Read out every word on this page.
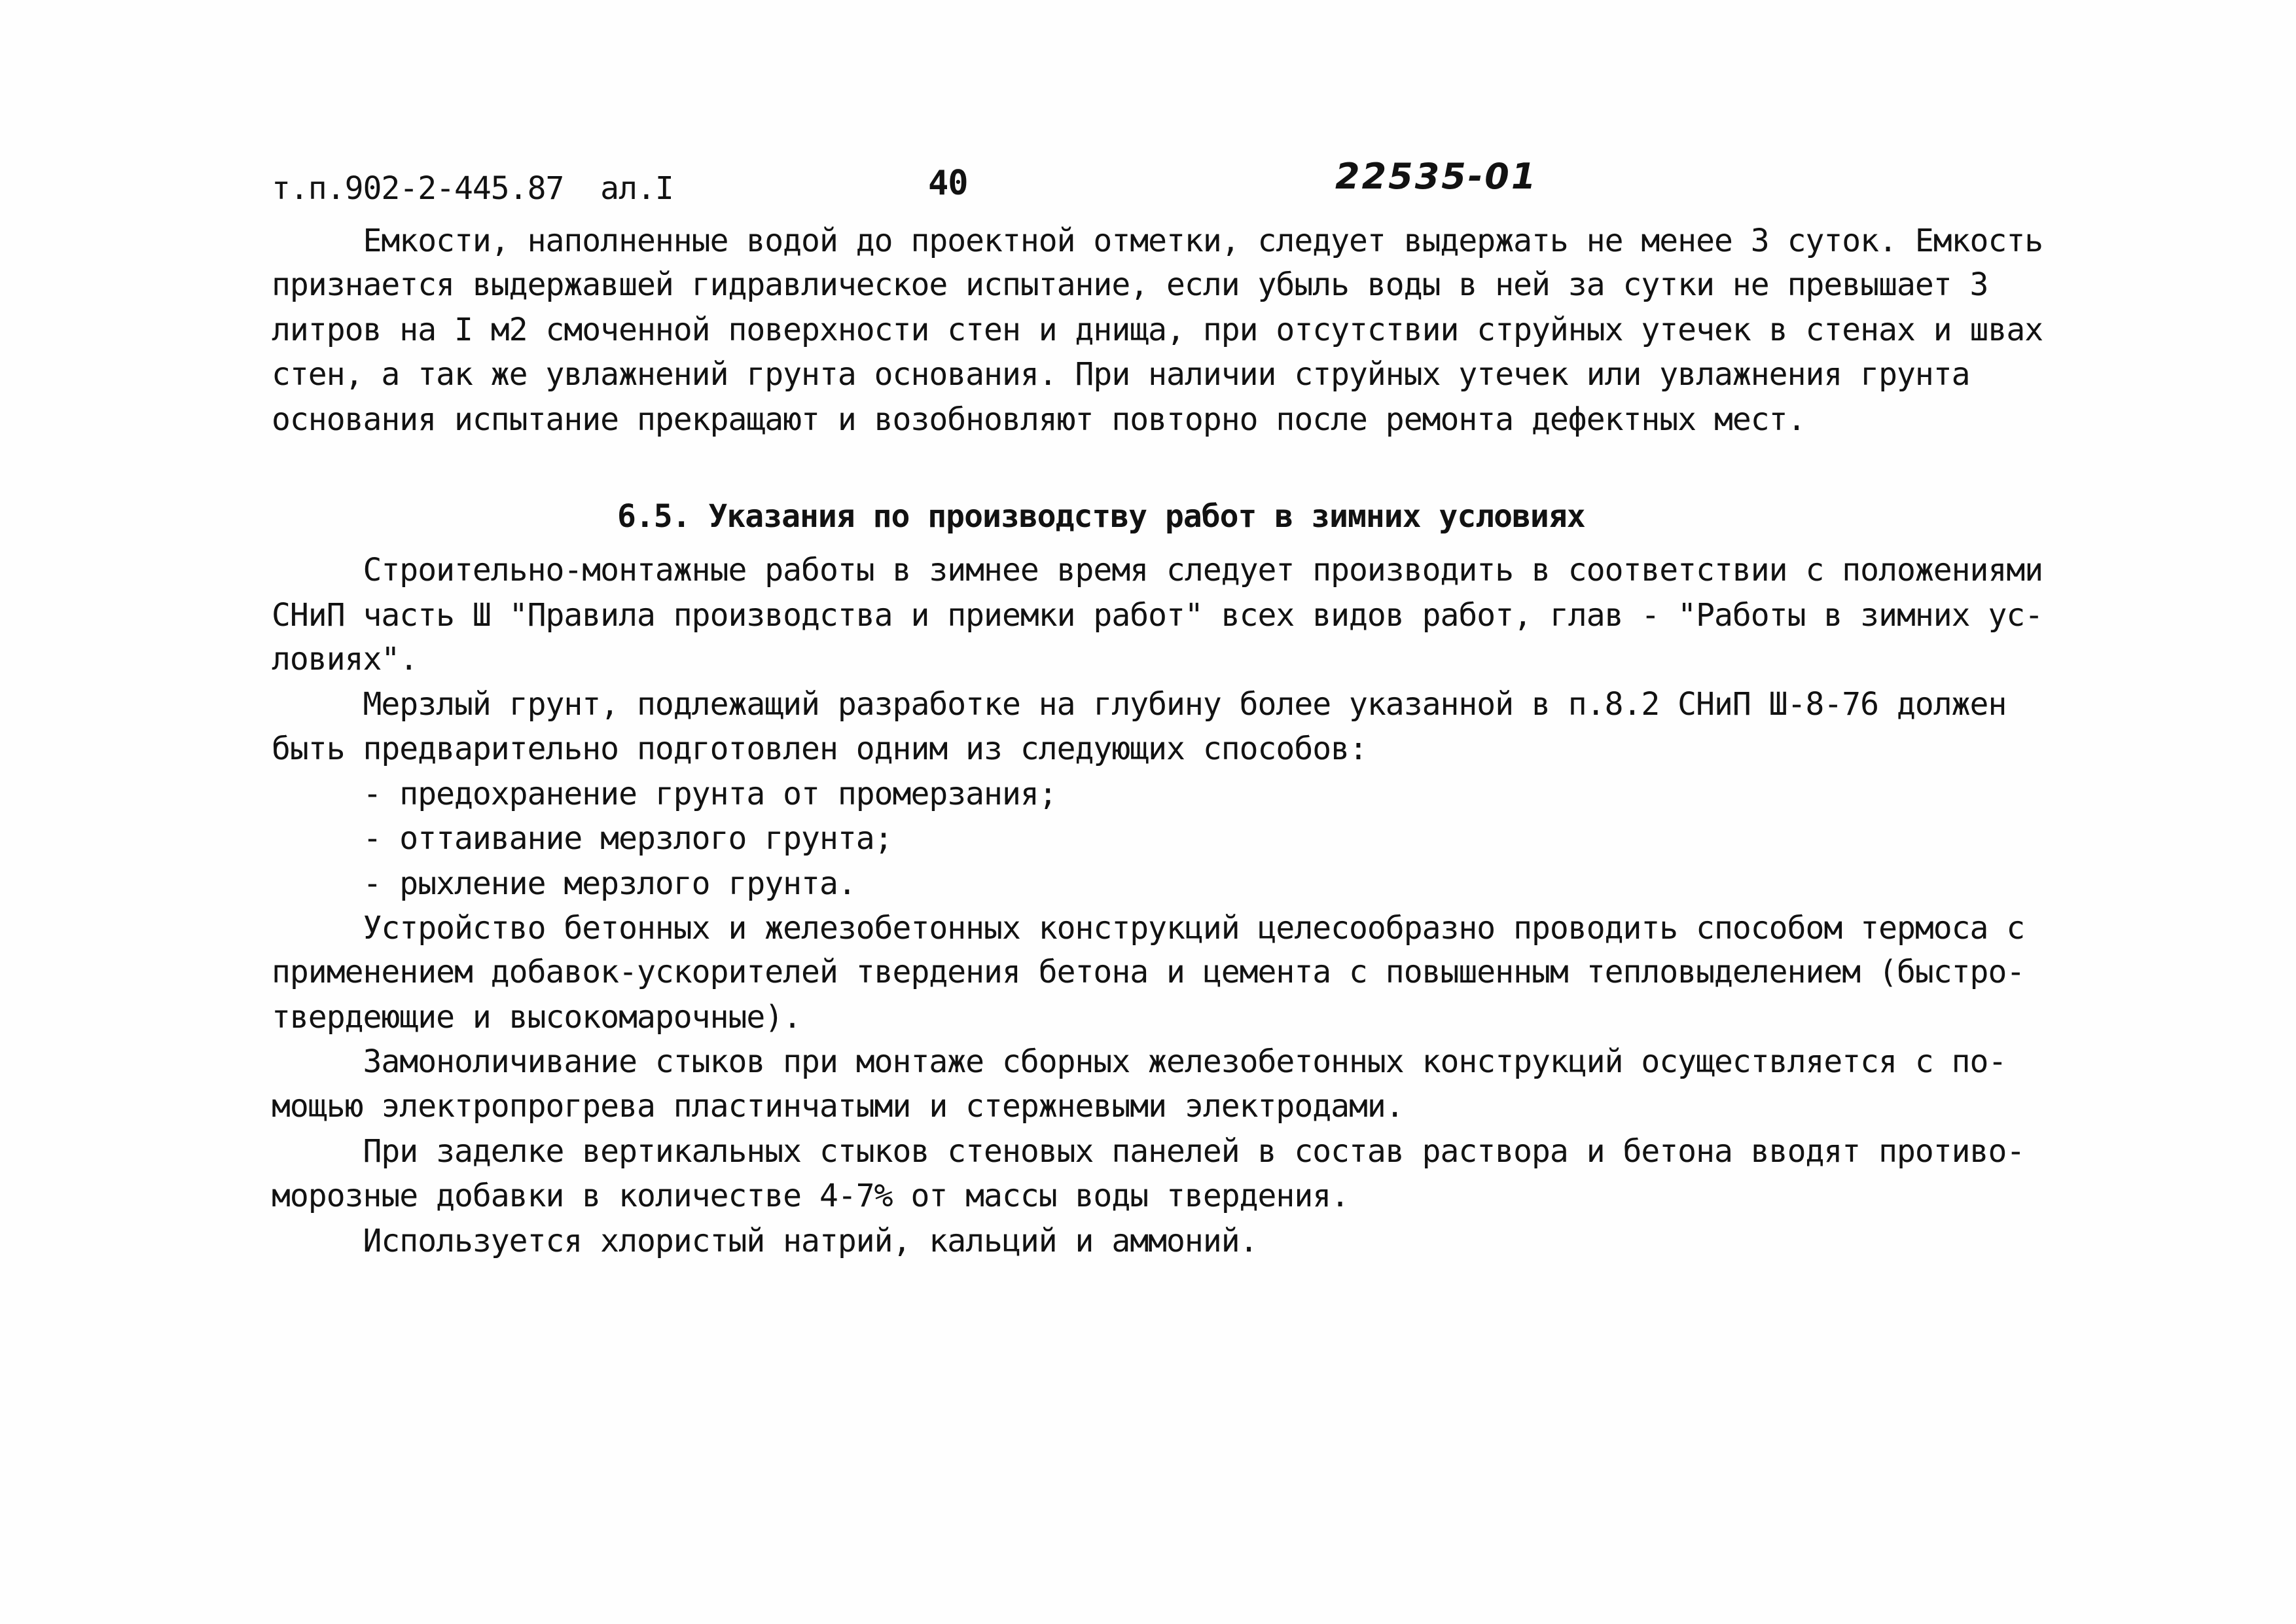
т.п.902-2-445.87  ал.I	40	22535-01
Емкости, наполненные водой до проектной отметки, следует выдержать не менее 3 суток. Емкость
признается выдержавшей гидравлическое испытание, если убыль воды в ней за сутки не превышает 3
литров на I м2 смоченной поверхности стен и днища, при отсутствии струйных утечек в стенах и швах
стен, а так же увлажнений грунта основания. При наличии струйных утечек или увлажнения грунта
основания испытание прекращают и возобновляют повторно после ремонта дефектных мест.
6.5. Указания по производству работ в зимних условиях
Строительно-монтажные работы в зимнее время следует производить в соответствии с положениями
СНиП часть Ш "Правила производства и приемки работ" всех видов работ, глав - "Работы в зимних ус-
ловиях".
Мерзлый грунт, подлежащий разработке на глубину более указанной в п.8.2 СНиП Ш-8-76 должен
быть предварительно подготовлен одним из следующих способов:
- предохранение грунта от промерзания;
- оттаивание мерзлого грунта;
- рыхление мерзлого грунта.
Устройство бетонных и железобетонных конструкций целесообразно проводить способом термоса с
применением добавок-ускорителей твердения бетона и цемента с повышенным тепловыделением (быстро-
твердеющие и высокомарочные).
Замоноличивание стыков при монтаже сборных железобетонных конструкций осуществляется с по-
мощью электропрогрева пластинчатыми и стержневыми электродами.
При заделке вертикальных стыков стеновых панелей в состав раствора и бетона вводят противо-
морозные добавки в количестве 4-7% от массы воды твердения.
Используется хлористый натрий, кальций и аммоний.
